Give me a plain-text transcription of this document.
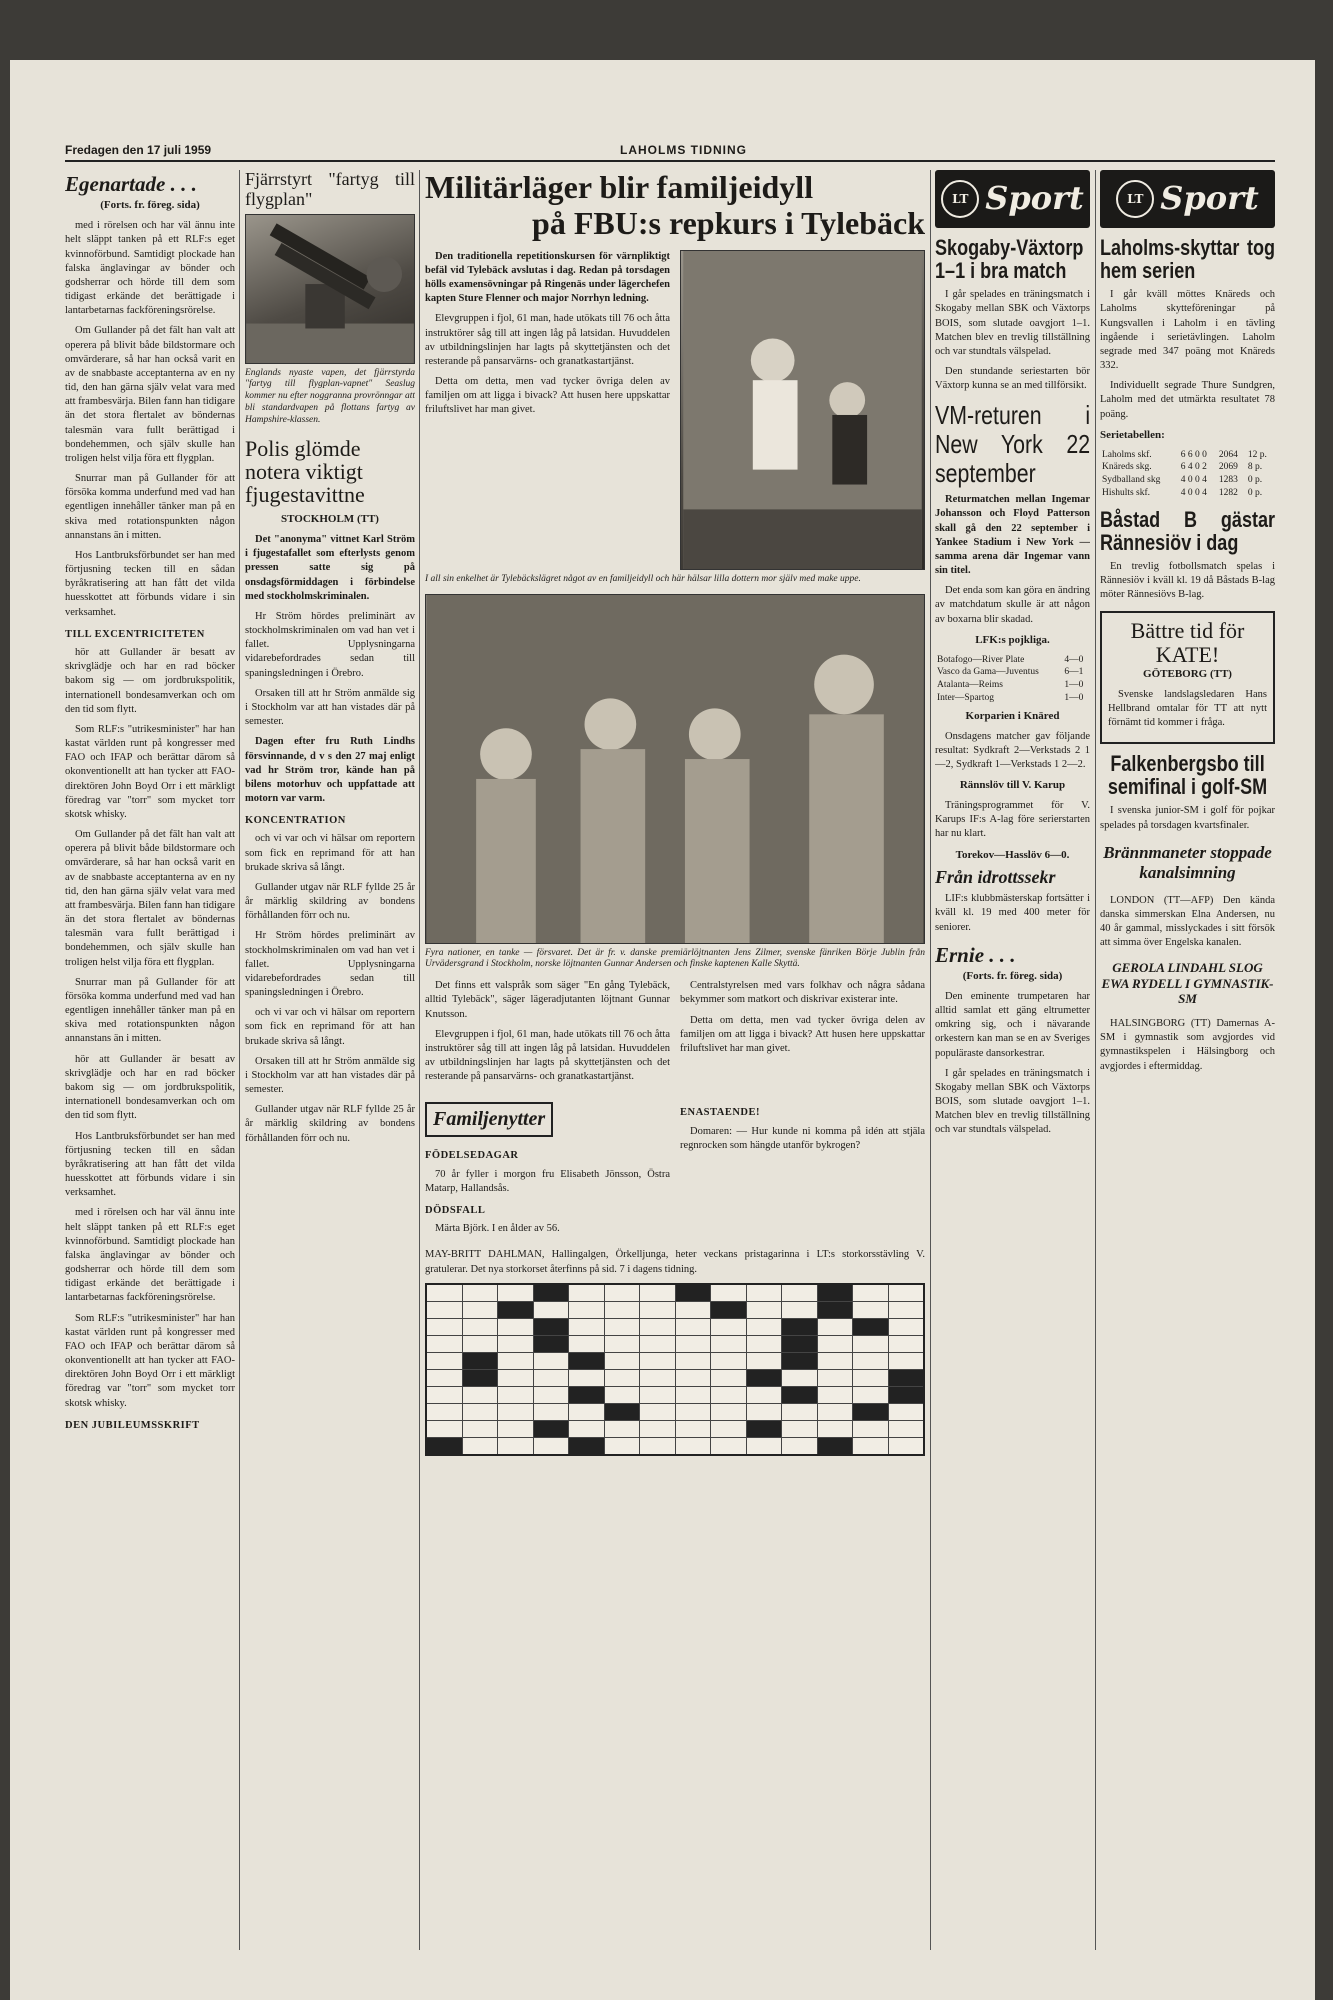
Fredagen den 17 juli 1959	LAHOLMS TIDNING
Egenartade . . .
(Forts. fr. föreg. sida)

med i rörelsen och har väl ännu inte helt släppt tanken på ett RLF:s eget kvinnoförbund. Samtidigt plockade han falska änglavingar av bönder och godsherrar och hörde till dem som tidigast erkände det berättigade i lantarbetarnas fackföreningsrörelse.

Om Gullander på det fält han valt att operera på blivit både bildstormare och omvärderare, så har han också varit en av de snabbaste acceptanterna av en ny tid, den han gärna själv velat vara med att frambesvärja. Bilen fann han tidigare än det stora flertalet av böndernas talesmän vara fullt berättigad i bondehemmen, och själv skulle han troligen helst vilja föra ett flygplan.

Snurrar man på Gullander för att försöka komma underfund med vad han egentligen innehåller tänker man på en skiva med rotationspunkten någon annanstans än i mitten.

Hos Lantbruksförbundet ser han med förtjusning tecken till en sådan byråkratisering att han fått det vilda huesskottet att förbunds vidare i sin verksamhet.

TILL EXCENTRICITETEN

hör att Gullander är besatt av skrivglädje och har en rad böcker bakom sig — om jordbrukspolitik, internationell bondesamverkan och om den tid som flytt.

Som RLF:s "utrikesminister" har han kastat världen runt på kongresser med FAO och IFAP och berättar därom så okonventionellt att han tycker att FAO-direktören John Boyd Orr i ett märkligt föredrag var "torr" som mycket torr skotsk whisky.

Om Gullander på det fält han valt att operera på blivit både bildstormare och omvärderare, så har han också varit en av de snabbaste acceptanterna av en ny tid, den han gärna själv velat vara med att frambesvärja. Bilen fann han tidigare än det stora flertalet av böndernas talesmän vara fullt berättigad i bondehemmen, och själv skulle han troligen helst vilja föra ett flygplan.

Snurrar man på Gullander för att försöka komma underfund med vad han egentligen innehåller tänker man på en skiva med rotationspunkten någon annanstans än i mitten.

hör att Gullander är besatt av skrivglädje och har en rad böcker bakom sig — om jordbrukspolitik, internationell bondesamverkan och om den tid som flytt.

Hos Lantbruksförbundet ser han med förtjusning tecken till en sådan byråkratisering att han fått det vilda huesskottet att förbunds vidare i sin verksamhet.

med i rörelsen och har väl ännu inte helt släppt tanken på ett RLF:s eget kvinnoförbund. Samtidigt plockade han falska änglavingar av bönder och godsherrar och hörde till dem som tidigast erkände det berättigade i lantarbetarnas fackföreningsrörelse.

Som RLF:s "utrikesminister" har han kastat världen runt på kongresser med FAO och IFAP och berättar därom så okonventionellt att han tycker att FAO-direktören John Boyd Orr i ett märkligt föredrag var "torr" som mycket torr skotsk whisky.

DEN JUBILEUMSSKRIFT

Fjärrstyrt "fartyg till flygplan"
Englands nyaste vapen, det fjärrstyrda "fartyg till flygplan-vapnet" Seaslug kommer nu efter noggranna provrönngar att bli standardvapen på flottans fartyg av Hampshire-klassen.
Polis glömde notera viktigt fjugestavittne
STOCKHOLM (TT)

Det "anonyma" vittnet Karl Ström i fjugestafallet som efterlysts genom pressen satte sig på onsdagsförmiddagen i förbindelse med stockholmskriminalen.

Hr Ström hördes preliminärt av stockholmskriminalen om vad han vet i fallet. Upplysningarna vidarebefordrades sedan till spaningsledningen i Örebro.

Orsaken till att hr Ström anmälde sig i Stockholm var att han vistades där på semester.

Dagen efter fru Ruth Lindhs försvinnande, d v s den 27 maj enligt vad hr Ström tror, kände han på bilens motorhuv och uppfattade att motorn var varm.

KONCENTRATION

och vi var och vi hälsar om reportern som fick en reprimand för att han brukade skriva så långt.

Gullander utgav när RLF fyllde 25 år år märklig skildring av bondens förhållanden förr och nu.

Hr Ström hördes preliminärt av stockholmskriminalen om vad han vet i fallet. Upplysningarna vidarebefordrades sedan till spaningsledningen i Örebro.

och vi var och vi hälsar om reportern som fick en reprimand för att han brukade skriva så långt.

Orsaken till att hr Ström anmälde sig i Stockholm var att han vistades där på semester.

Gullander utgav när RLF fyllde 25 år år märklig skildring av bondens förhållanden förr och nu.

Militärläger blir familjeidyll
på FBU:s repkurs i Tylebäck

Den traditionella repetitionskursen för värnpliktigt befäl vid Tylebäck avslutas i dag. Redan på torsdagen hölls examensövningar på Ringenäs under lägerchefen kapten Sture Flenner och major Norrhyn ledning.

Elevgruppen i fjol, 61 man, hade utökats till 76 och åtta instruktörer såg till att ingen låg på latsidan. Huvuddelen av utbildningslinjen har lagts på skyttetjänsten och det resterande på pansarvärns- och granatkastartjänst.

Detta om detta, men vad tycker övriga delen av familjen om att ligga i bivack? Att husen here uppskattar friluftslivet har man givet.

I all sin enkelhet är Tylebäckslägret något av en familjeidyll och här hälsar lilla dottern mor själv med make uppe.
Fyra nationer, en tanke — försvaret. Det är fr. v. danske premiärlöjtnanten Jens Zilmer, svenske fänriken Börje Jublin från Urvädersgrand i Stockholm, norske löjtnanten Gunnar Andersen och finske kaptenen Kalle Skyttä.

Det finns ett valspråk som säger "En gång Tylebäck, alltid Tylebäck", säger lägeradjutanten löjtnant Gunnar Knutsson.

Elevgruppen i fjol, 61 man, hade utökats till 76 och åtta instruktörer såg till att ingen låg på latsidan. Huvuddelen av utbildningslinjen har lagts på skyttetjänsten och det resterande på pansarvärns- och granatkastartjänst.

Centralstyrelsen med vars folkhav och några sådana bekymmer som matkort och diskrivar existerar inte.

Detta om detta, men vad tycker övriga delen av familjen om att ligga i bivack? Att husen here uppskattar friluftslivet har man givet.

Familjenytter

FÖDELSEDAGAR

70 år fyller i morgon fru Elisabeth Jönsson, Östra Matarp, Hallandsås.

DÖDSFALL

Märta Björk. I en ålder av 56.

ENASTAENDE!

Domaren: — Hur kunde ni komma på idén att stjäla regnrocken som hängde utanför bykrogen?

MAY-BRITT DAHLMAN, Hallingalgen, Örkelljunga, heter veckans pristagarinna i LT:s storkorsstävling V. gratulerar. Det nya storkorset återfinns på sid. 7 i dagens tidning.

LT Sport
Skogaby-Växtorp 1–1 i bra match

I går spelades en träningsmatch i Skogaby mellan SBK och Växtorps BOIS, som slutade oavgjort 1–1. Matchen blev en trevlig tillställning och var stundtals välspelad.

Den stundande seriestarten bör Växtorp kunna se an med tillförsikt.

VM-returen i New York 22 september

Returmatchen mellan Ingemar Johansson och Floyd Patterson skall gå den 22 september i Yankee Stadium i New York — samma arena där Ingemar vann sin titel.

Det enda som kan göra en ändring av matchdatum skulle är att någon av boxarna blir skadad.

LFK:s pojkliga.
Botafogo—River Plate	4—0
Vasco da Gama—Juventus	6—1
Atalanta—Reims	1—0
Inter—Spartog	1—0
Korparien i Knäred

Onsdagens matcher gav följande resultat: Sydkraft 2—Verkstads 2 1—2, Sydkraft 1—Verkstads 1 2—2.

Rännslöv till V. Karup

Träningsprogrammet för V. Karups IF:s A-lag före serierstarten har nu klart.

Torekov—Hasslöv 6—0.
Från idrottssekr

LIF:s klubbmästerskap fortsätter i kväll kl. 19 med 400 meter för seniorer.

Ernie . . .
(Forts. fr. föreg. sida)

Den eminente trumpetaren har alltid samlat ett gäng eltrumetter omkring sig, och i nävarande orkestern kan man se en av Sveriges populäraste dansorkestrar.

I går spelades en träningsmatch i Skogaby mellan SBK och Växtorps BOIS, som slutade oavgjort 1–1. Matchen blev en trevlig tillställning och var stundtals välspelad.

LT Sport
Laholms-skyttar tog hem serien

I går kväll möttes Knäreds och Laholms skytteföreningar på Kungsvallen i Laholm i en tävling ingående i serietävlingen. Laholm segrade med 347 poäng mot Knäreds 332.

Individuellt segrade Thure Sundgren, Laholm med det utmärkta resultatet 78 poäng.

Serietabellen:
Laholms skf.	6 6 0 0	2064	12 p.
Knäreds skg.	6 4 0 2	2069	8 p.
Sydballand skg	4 0 0 4	1283	0 p.
Hishults skf.	4 0 0 4	1282	0 p.
Båstad B gästar Rännesiöv i dag

En trevlig fotbollsmatch spelas i Rännesiöv i kväll kl. 19 då Båstads B-lag möter Rännesiövs B-lag.

Bättre tid för KATE!
GÖTEBORG (TT)

Svenske landslagsledaren Hans Hellbrand omtalar för TT att nytt förnämt tid kommer i fråga.

Falkenbergsbo till semifinal i golf-SM

I svenska junior-SM i golf för pojkar spelades på torsdagen kvartsfinaler.

Brännmaneter stoppade kanalsimning

LONDON (TT—AFP) Den kända danska simmerskan Elna Andersen, nu 40 år gammal, misslyckades i sitt försök att simma över Engelska kanalen.

GEROLA LINDAHL SLOG EWA RYDELL I GYMNASTIK-SM

HALSINGBORG (TT) Damernas A-SM i gymnastik som avgjordes vid gymnastikspelen i Hälsingborg och avgjordes i eftermiddag.
